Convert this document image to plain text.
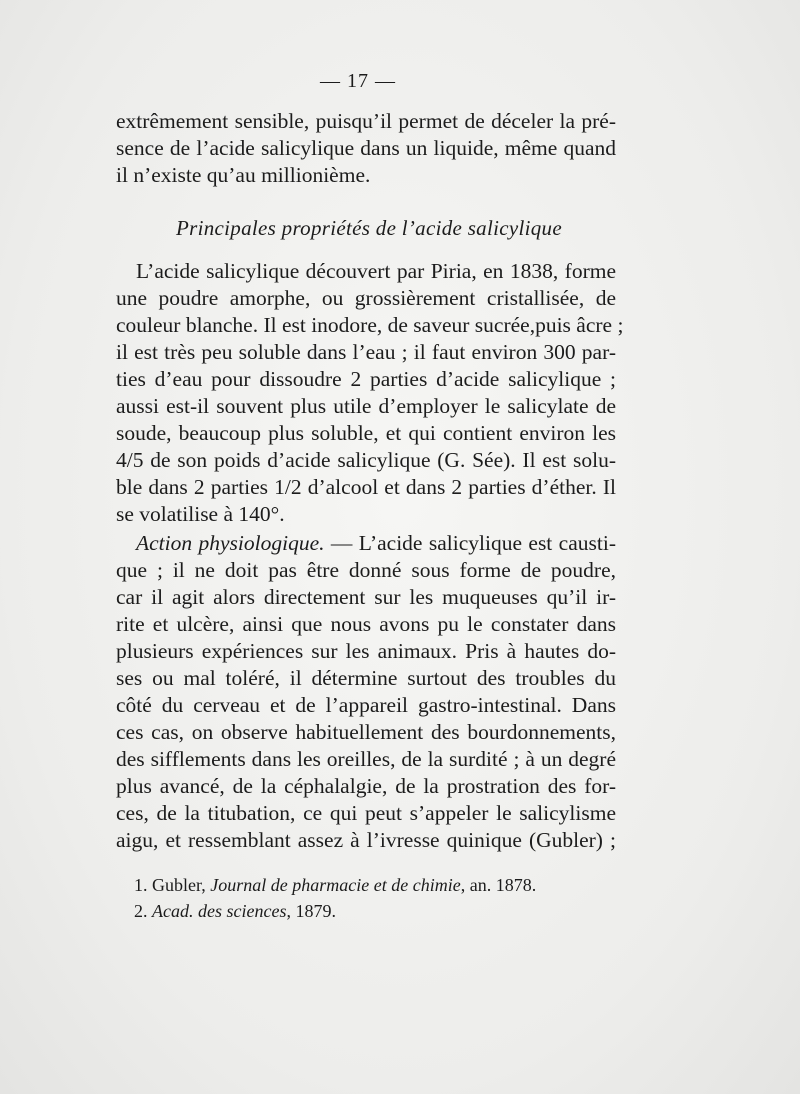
— 17 —
extrêmement sensible, puisqu’il permet de déceler la pré-
sence de l’acide salicylique dans un liquide, même quand
il n’existe qu’au millionième.
Principales propriétés de l’acide salicylique
L’acide salicylique découvert par Piria, en 1838, forme
une poudre amorphe, ou grossièrement cristallisée, de
couleur blanche. Il est inodore, de saveur sucrée,puis âcre ;
il est très peu soluble dans l’eau ; il faut environ 300 par-
ties d’eau pour dissoudre 2 parties d’acide salicylique ;
aussi est-il souvent plus utile d’employer le salicylate de
soude, beaucoup plus soluble, et qui contient environ les
4/5 de son poids d’acide salicylique (G. Sée). Il est solu-
ble dans 2 parties 1/2 d’alcool et dans 2 parties d’éther. Il
se volatilise à 140°.
Action physiologique. — L’acide salicylique est causti-
que ; il ne doit pas être donné sous forme de poudre,
car il agit alors directement sur les muqueuses qu’il ir-
rite et ulcère, ainsi que nous avons pu le constater dans
plusieurs expériences sur les animaux. Pris à hautes do-
ses ou mal toléré, il détermine surtout des troubles du
côté du cerveau et de l’appareil gastro-intestinal. Dans
ces cas, on observe habituellement des bourdonnements,
des sifflements dans les oreilles, de la surdité ; à un degré
plus avancé, de la céphalalgie, de la prostration des for-
ces, de la titubation, ce qui peut s’appeler le salicylisme
aigu, et ressemblant assez à l’ivresse quinique (Gubler) ;
1. Gubler, Journal de pharmacie et de chimie, an. 1878.
2. Acad. des sciences, 1879.
